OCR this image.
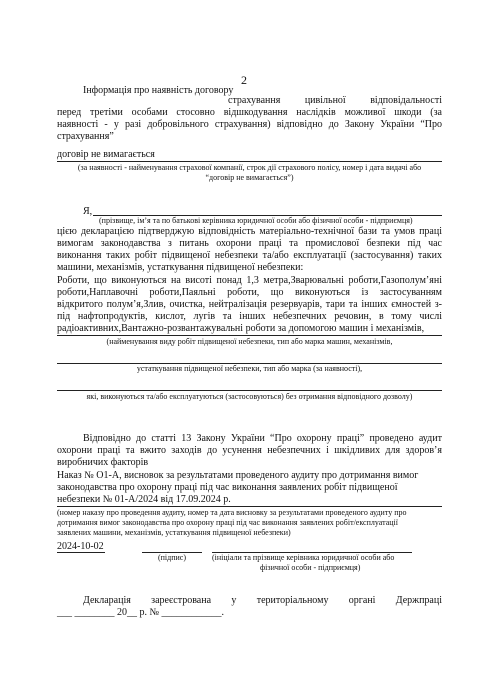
2
Інформація про наявність договору
страхування цивільної відповідальності
перед третіми особами стосовно відшкодування наслідків можливої шкоди (за
наявності - у разі добровільного страхування) відповідно до Закону України “Про
страхування”
договір не вимагається
(за наявності - найменування страхової компанії, строк дії страхового полісу, номер і дата видачі або
“договір не вимагається”)
Я,
(прізвище, ім’я та по батькові керівника юридичної особи або фізичної особи - підприємця)
цією декларацією підтверджую відповідність матеріально-технічної бази та умов праці
вимогам законодавства з питань охорони праці та промислової безпеки під час
виконання таких робіт підвищеної небезпеки та/або експлуатації (застосування) таких
машини, механізмів, устаткування підвищеної небезпеки:
Роботи, що виконуються на висоті понад 1,3 метра,Зварювальні роботи,Газополум’яні
роботи,Наплавочні роботи,Паяльні роботи, що виконуються із застосуванням
відкритого полум’я,Злив, очистка, нейтралізація резервуарів, тари та інших ємностей з-
під нафтопродуктів, кислот, лугів та інших небезпечних речовин, в тому числі
радіоактивних,Вантажно-розвантажувальні роботи за допомогою машин і механізмів,
(найменування виду робіт підвищеної небезпеки, тип або марка машин, механізмів,
устаткування підвищеної небезпеки, тип або марка (за наявності),
які, виконуються та/або експлуатуються (застосовуються) без отримання відповідного дозволу)
Відповідно до статті 13 Закону України “Про охорону праці” проведено аудит
охорони праці та вжито заходів до усунення небезпечних і шкідливих для здоров’я
виробничих факторів
Наказ № О1-А, висновок за результатами проведеного аудиту про дотримання вимог
законодавства про охорону праці під час виконання заявлених робіт підвищеної
небезпеки № 01-А/2024 від 17.09.2024 р.
(номер наказу про проведення аудиту, номер та дата висновку за результатами проведеного аудиту про
дотримання вимог законодавства про охорону праці під час виконання заявлених робіт/експлуатації
заявлених машини, механізмів, устаткування підвищеної небезпеки)
2024-10-02
(підпис)	(ініціали та прізвище керівника юридичної особи або
фізичної особи - підприємця)
Декларація зареєстрована у територіальному органі Держпраці
___ ________ 20__ р. № ____________.
